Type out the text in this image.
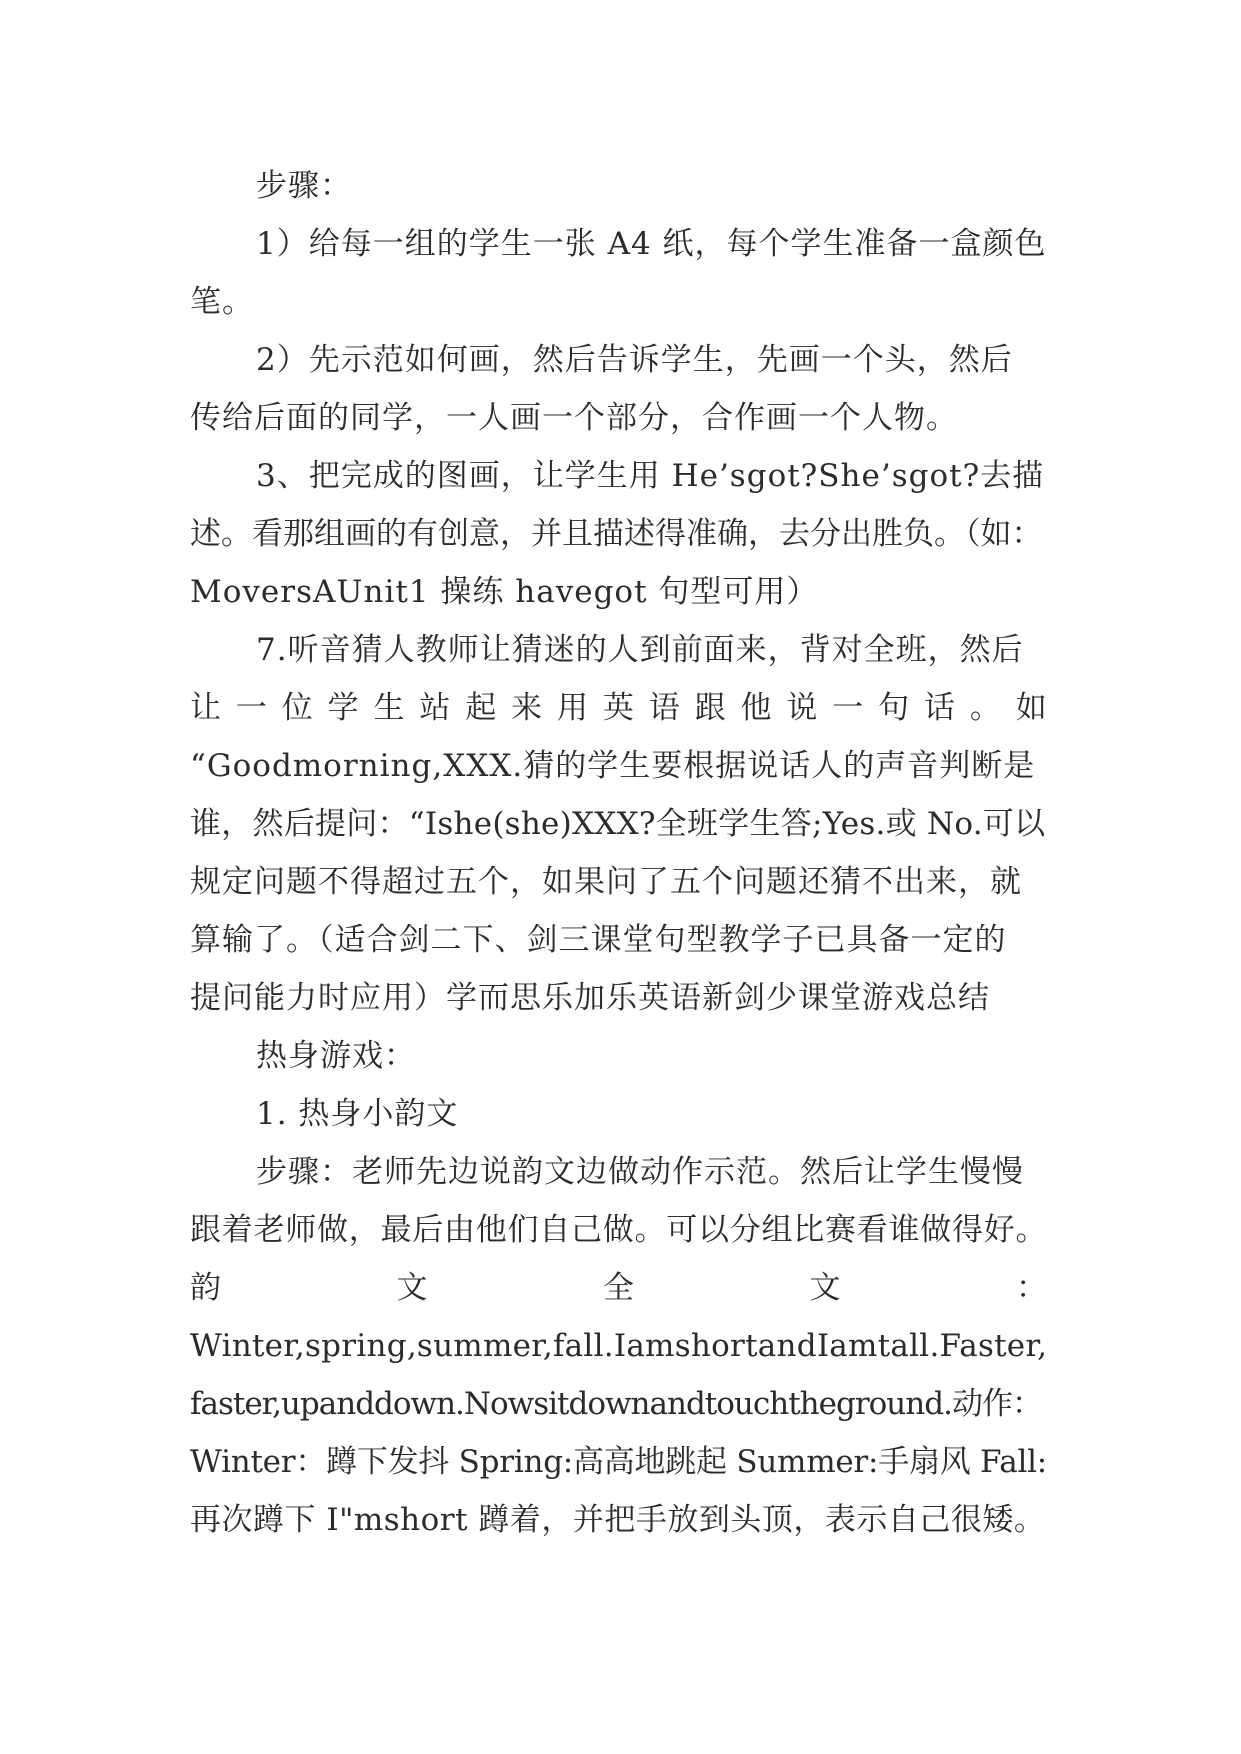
步骤：
1）给每一组的学生一张 A4 纸，每个学生准备一盒颜色
笔。
2）先示范如何画，然后告诉学生，先画一个头，然后
传给后面的同学，一人画一个部分，合作画一个人物。
3、把完成的图画，让学生用 He’sgot?She’sgot?去描
述。看那组画的有创意，并且描述得准确，去分出胜负。（如：
MoversAUnit1 操练 havegot 句型可用）
7.听音猜人教师让猜迷的人到前面来，背对全班，然后
让 一 位 学 生 站 起 来 用 英 语 跟 他 说 一 句 话 。 如
“Goodmorning,XXX.猜的学生要根据说话人的声音判断是
谁，然后提问：“Ishe(she)XXX?全班学生答;Yes.或 No.可以
规定问题不得超过五个，如果问了五个问题还猜不出来，就
算输了。（适合剑二下、剑三课堂句型教学子已具备一定的
提问能力时应用）学而思乐加乐英语新剑少课堂游戏总结
热身游戏：
1. 热身小韵文
步骤：老师先边说韵文边做动作示范。然后让学生慢慢
跟着老师做，最后由他们自己做。可以分组比赛看谁做得好。
韵	文	全	文	：
Winter,spring,summer,fall.IamshortandIamtall.Faster,
faster,upanddown.Nowsitdownandtouchtheground.动作：
Winter：蹲下发抖 Spring:高高地跳起 Summer:手扇风 Fall:
再次蹲下 I"mshort 蹲着，并把手放到头顶，表示自己很矮。
